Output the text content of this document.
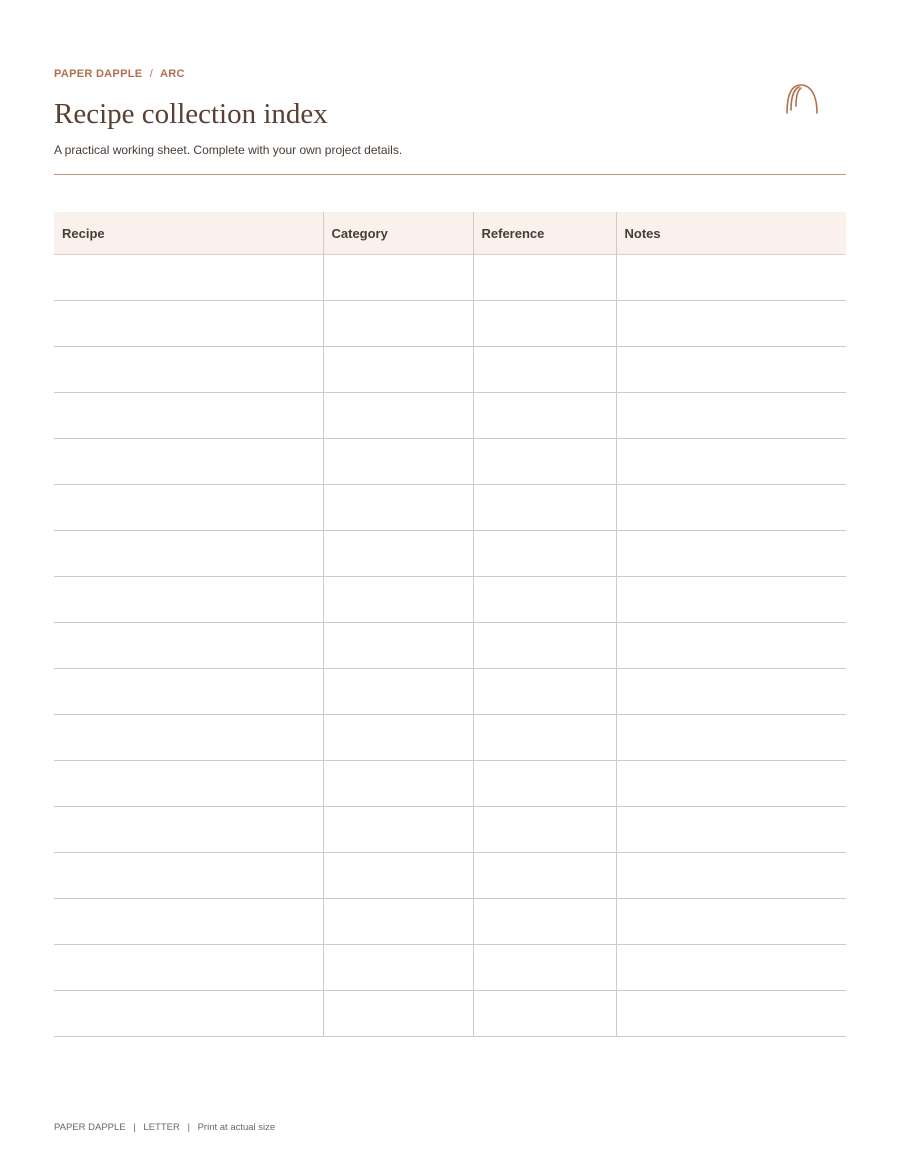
PAPER DAPPLE / ARC
Recipe collection index

A practical working sheet. Complete with your own project details.

Recipe	Category	Reference	Notes

PAPER DAPPLE | LETTER | Print at actual size
